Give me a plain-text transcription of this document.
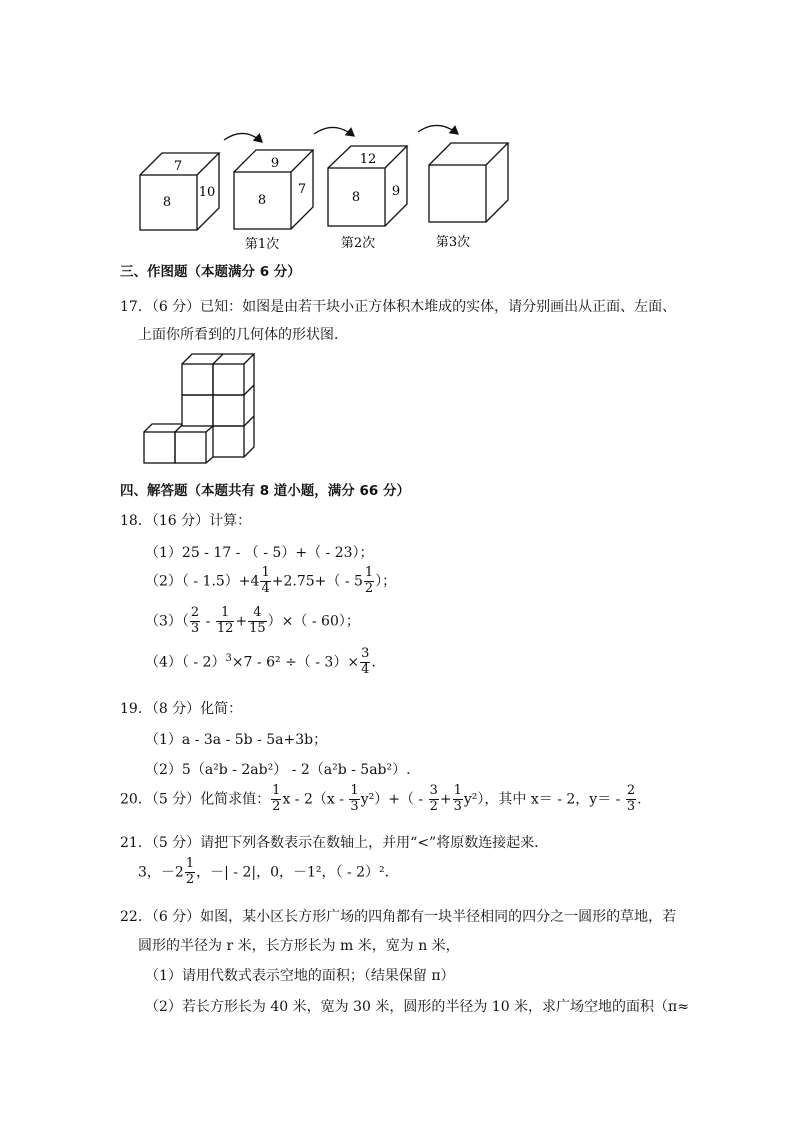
7
8
10
9
8
7
12
8 9
第1次	第2次	第3次
三、作图题（本题满分 6 分）
17．（6 分）已知：如图是由若干块小正方体积木堆成的实体，请分别画出从正面、左面、
上面你所看到的几何体的形状图．
四、解答题（本题共有 8 道小题，满分 66 分）
18．（16 分）计算：
（1）25 - 17 - （ - 5）+（ - 23）；
$(2)( - 1.5)+4 \frac{1}{4} +2.75+( - 5 \frac{1}{2}$ ）；
$(3)( \frac{2}{3} - \frac{1}{12} + \frac{4}{15}$ ）×（ - 60）；
（4）（ - 2）$^3$×7 - 6² ÷（ - $3)\times \frac{3}{4}$ .
19．（8 分）化简：
（1）a - 3a - 5b - 5a+3b；
（2）5（a²b - 2ab²） - 2（a²b - 5ab²）.
20．（5 分）化简求值： $\frac{1}{2}$ $x - 2(x - \frac{1}{3} y^2)+( - \frac{3}{2} + \frac{1}{3} y^2)$，其中 x＝ - 2，$y= - \frac{2}{3}$ .
21．（5 分）请把下列各数表示在数轴上，并用“<”将原数连接起来．
3，$-2 \frac{1}{2}$ ，－| - 2|，0，－1²，（ - 2）²．
22．（6 分）如图，某小区长方形广场的四角都有一块半径相同的四分之一圆形的草地，若
圆形的半径为 r 米，长方形长为 m 米，宽为 n 米，
（1）请用代数式表示空地的面积；（结果保留 π）
（2）若长方形长为 40 米，宽为 30 米，圆形的半径为 10 米，求广场空地的面积（π≈
